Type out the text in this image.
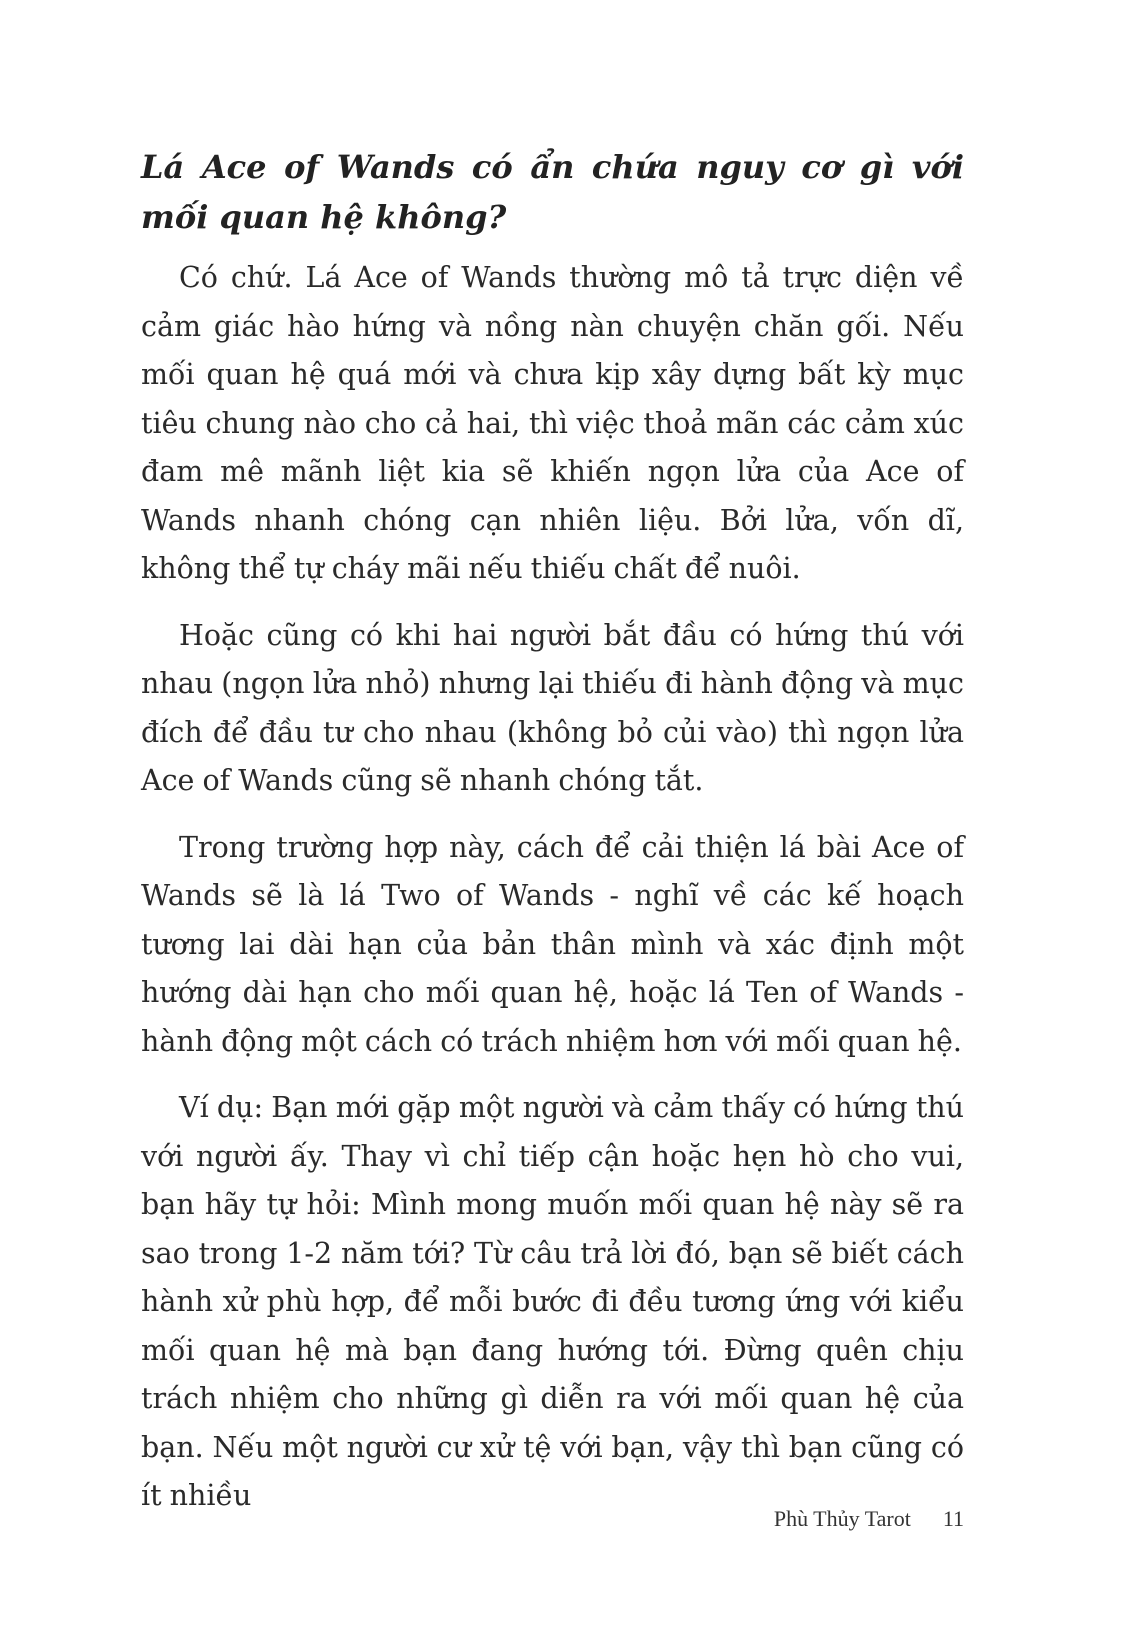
Lá Ace of Wands có ẩn chứa nguy cơ gì với mối quan hệ không?

Có chứ. Lá Ace of Wands thường mô tả trực diện về cảm giác hào hứng và nồng nàn chuyện chăn gối. Nếu mối quan hệ quá mới và chưa kịp xây dựng bất kỳ mục tiêu chung nào cho cả hai, thì việc thoả mãn các cảm xúc đam mê mãnh liệt kia sẽ khiến ngọn lửa của Ace of Wands nhanh chóng cạn nhiên liệu. Bởi lửa, vốn dĩ, không thể tự cháy mãi nếu thiếu chất để nuôi.

Hoặc cũng có khi hai người bắt đầu có hứng thú với nhau (ngọn lửa nhỏ) nhưng lại thiếu đi hành động và mục đích để đầu tư cho nhau (không bỏ củi vào) thì ngọn lửa Ace of Wands cũng sẽ nhanh chóng tắt.

Trong trường hợp này, cách để cải thiện lá bài Ace of Wands sẽ là lá Two of Wands - nghĩ về các kế hoạch tương lai dài hạn của bản thân mình và xác định một hướng dài hạn cho mối quan hệ, hoặc lá Ten of Wands - hành động một cách có trách nhiệm hơn với mối quan hệ.

Ví dụ: Bạn mới gặp một người và cảm thấy có hứng thú với người ấy. Thay vì chỉ tiếp cận hoặc hẹn hò cho vui, bạn hãy tự hỏi: Mình mong muốn mối quan hệ này sẽ ra sao trong 1-2 năm tới? Từ câu trả lời đó, bạn sẽ biết cách hành xử phù hợp, để mỗi bước đi đều tương ứng với kiểu mối quan hệ mà bạn đang hướng tới. Đừng quên chịu trách nhiệm cho những gì diễn ra với mối quan hệ của bạn. Nếu một người cư xử tệ với bạn, vậy thì bạn cũng có ít nhiều

Phù Thủy Tarot 11
